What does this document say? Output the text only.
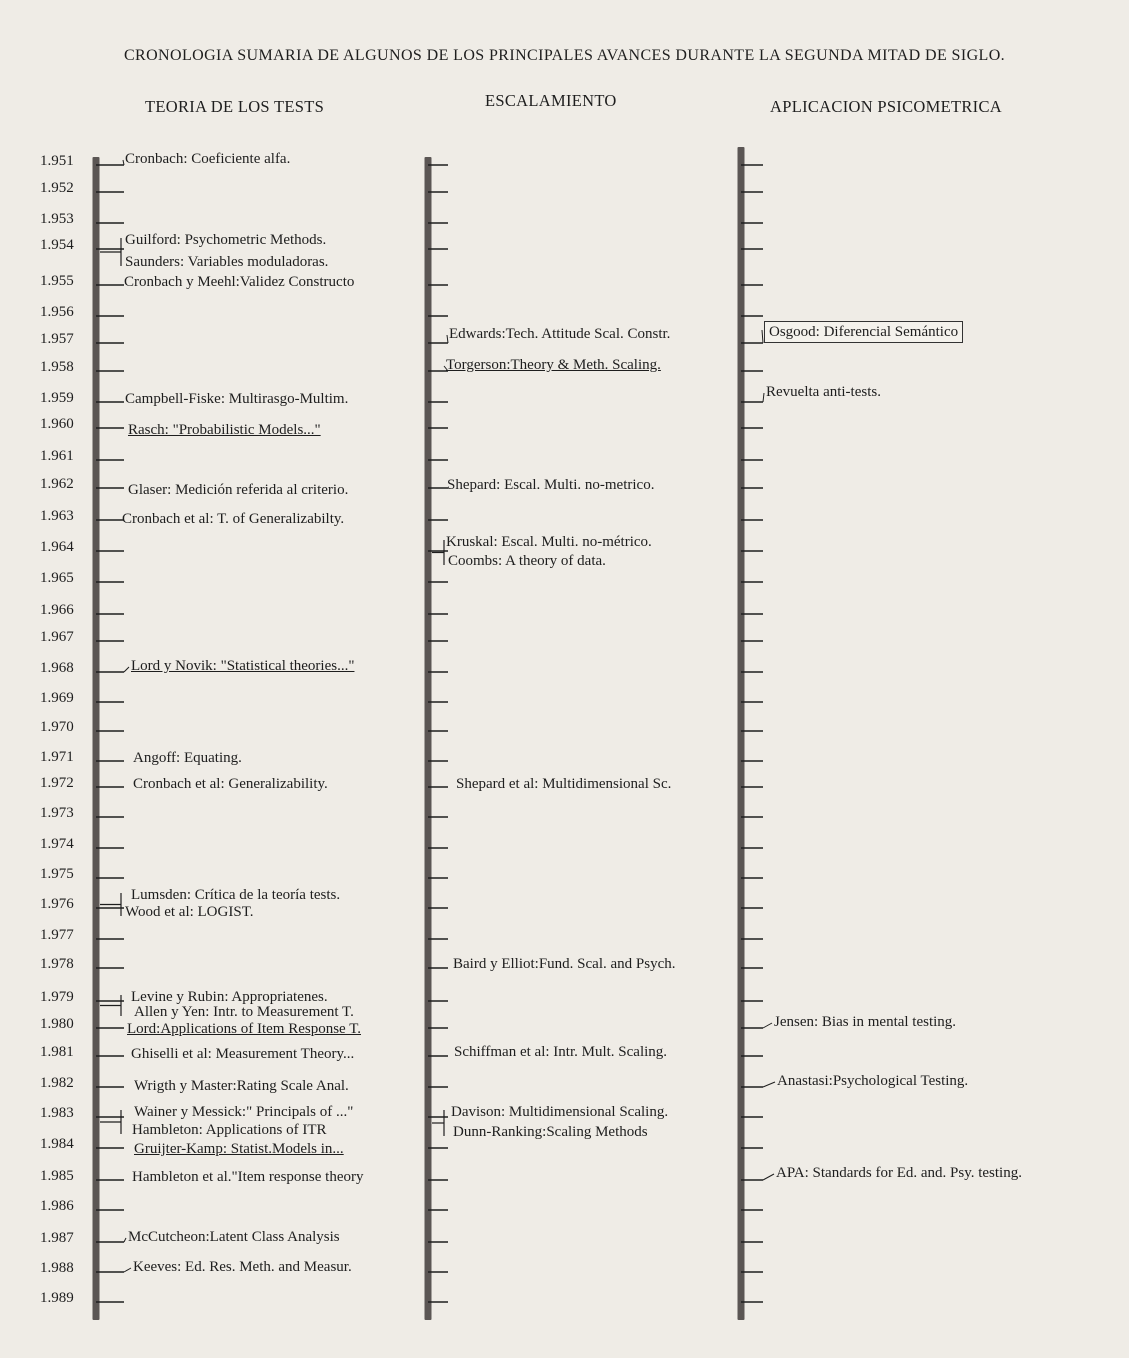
CRONOLOGIA SUMARIA DE ALGUNOS DE LOS PRINCIPALES AVANCES DURANTE LA SEGUNDA MITAD DE SIGLO.
TEORIA DE LOS TESTS	ESCALAMIENTO	APLICACION PSICOMETRICA
1.951
1.952
1.953
1.954
1.955
1.956
1.957
1.958
1.959
1.960
1.961
1.962
1.963
1.964
1.965
1.966
1.967
1.968
1.969
1.970
1.971
1.972
1.973
1.974
1.975
1.976
1.977
1.978
1.979
1.980
1.981
1.982
1.983
1.984
1.985
1.986
1.987
1.988
1.989
Cronbach: Coeficiente alfa.
Guilford: Psychometric Methods.
Saunders: Variables moduladoras.
Cronbach y Meehl:Validez Constructo
Campbell-Fiske: Multirasgo-Multim.
Rasch: "Probabilistic Models..."
Glaser: Medición referida al criterio.
Cronbach et al: T. of Generalizabilty.
Lord y Novik: "Statistical theories..."
Angoff: Equating.
Cronbach et al: Generalizability.
Lumsden: Crítica de la teoría tests.
Wood et al: LOGIST.
Levine y Rubin: Appropriatenes.
Allen y Yen: Intr. to Measurement T.
Lord:Applications of Item Response T.
Ghiselli et al: Measurement Theory...
Wrigth y Master:Rating Scale Anal.
Wainer y Messick:" Principals of ..."
Hambleton: Applications of ITR
Gruijter-Kamp: Statist.Models in...
Hambleton et al."Item response theory
McCutcheon:Latent Class Analysis
Keeves: Ed. Res. Meth. and Measur.
Edwards:Tech. Attitude Scal. Constr.
Torgerson:Theory & Meth. Scaling.
Shepard: Escal. Multi. no-metrico.
Kruskal: Escal. Multi. no-métrico.
Coombs: A theory of data.
Shepard et al: Multidimensional Sc.
Baird y Elliot:Fund. Scal. and Psych.
Schiffman et al: Intr. Mult. Scaling.
Davison: Multidimensional Scaling.
Dunn-Ranking:Scaling Methods
Osgood: Diferencial Semántico
Revuelta anti-tests.
Jensen: Bias in mental testing.
Anastasi:Psychological Testing.
APA: Standards for Ed. and. Psy. testing.
